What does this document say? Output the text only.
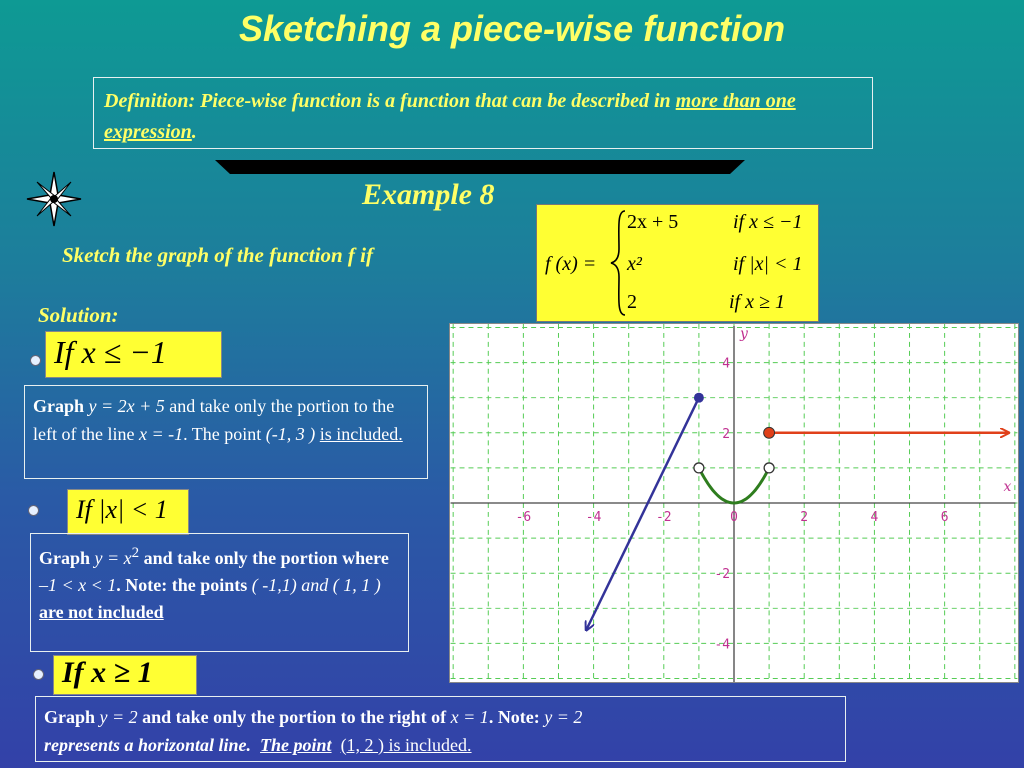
Sketching a piece-wise function
Definition: Piece-wise function is a function that can be described in more than one expression.
Example 8
Sketch the graph of the function f if	f (x) =
2x + 5	if x ≤ −1
x²	if |x| < 1
2	if x ≥ 1
Solution:
If x ≤ −1
Graph y = 2x + 5 and take only the portion to the left of the line x = -1. The point (-1, 3 ) is included.
If |x| < 1
Graph $y = x^2$ and take only the portion where –1 < x < 1. Note: the points ( -1,1) and ( 1, 1 ) are not included
If x ≥ 1
Graph y = 2 and take only the portion to the right of x = 1. Note: y = 2
represents a horizontal line. The point (1, 2 ) is included.
x
y
-6	-4	-2	0	2	4	6
4
2
-2
-4
